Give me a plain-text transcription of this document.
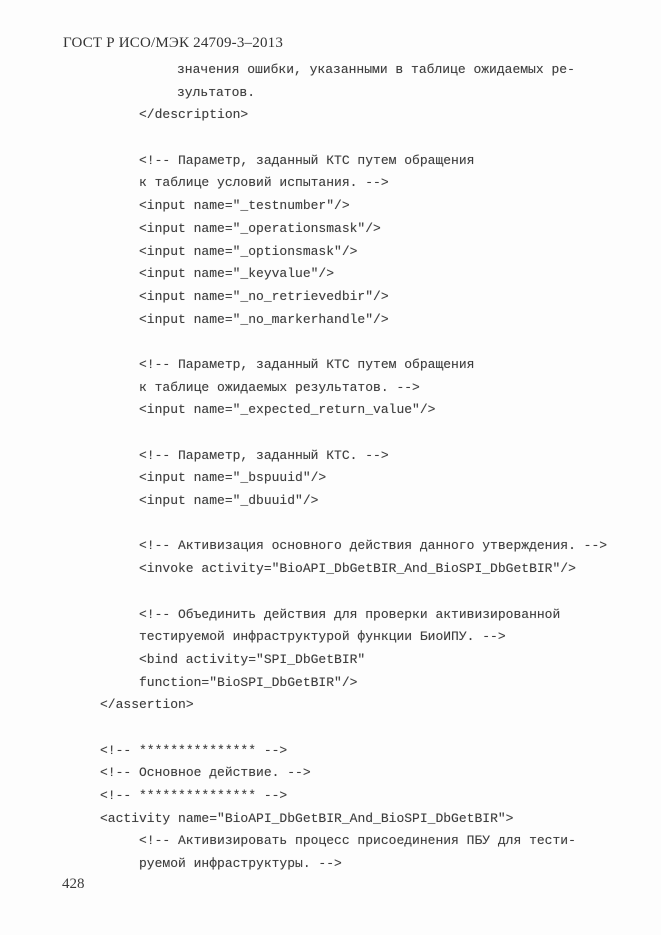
ГОСТ Р ИСО/МЭК 24709-3–2013
значения ошибки, указанными в таблице ожидаемых ре-
зультатов.
</description>
<!-- Параметр, заданный КТС путем обращения
к таблице условий испытания. -->
<input name="_testnumber"/>
<input name="_operationsmask"/>
<input name="_optionsmask"/>
<input name="_keyvalue"/>
<input name="_no_retrievedbir"/>
<input name="_no_markerhandle"/>
<!-- Параметр, заданный КТС путем обращения
к таблице ожидаемых результатов. -->
<input name="_expected_return_value"/>
<!-- Параметр, заданный КТС. -->
<input name="_bspuuid"/>
<input name="_dbuuid"/>
<!-- Активизация основного действия данного утверждения. -->
<invoke activity="BioAPI_DbGetBIR_And_BioSPI_DbGetBIR"/>
<!-- Объединить действия для проверки активизированной
тестируемой инфраструктурой функции БиоИПУ. -->
<bind activity="SPI_DbGetBIR"
function="BioSPI_DbGetBIR"/>
</assertion>
<!-- *************** -->
<!-- Основное действие. -->
<!-- *************** -->
<activity name="BioAPI_DbGetBIR_And_BioSPI_DbGetBIR">
<!-- Активизировать процесс присоединения ПБУ для тести-
руемой инфраструктуры. -->
428
